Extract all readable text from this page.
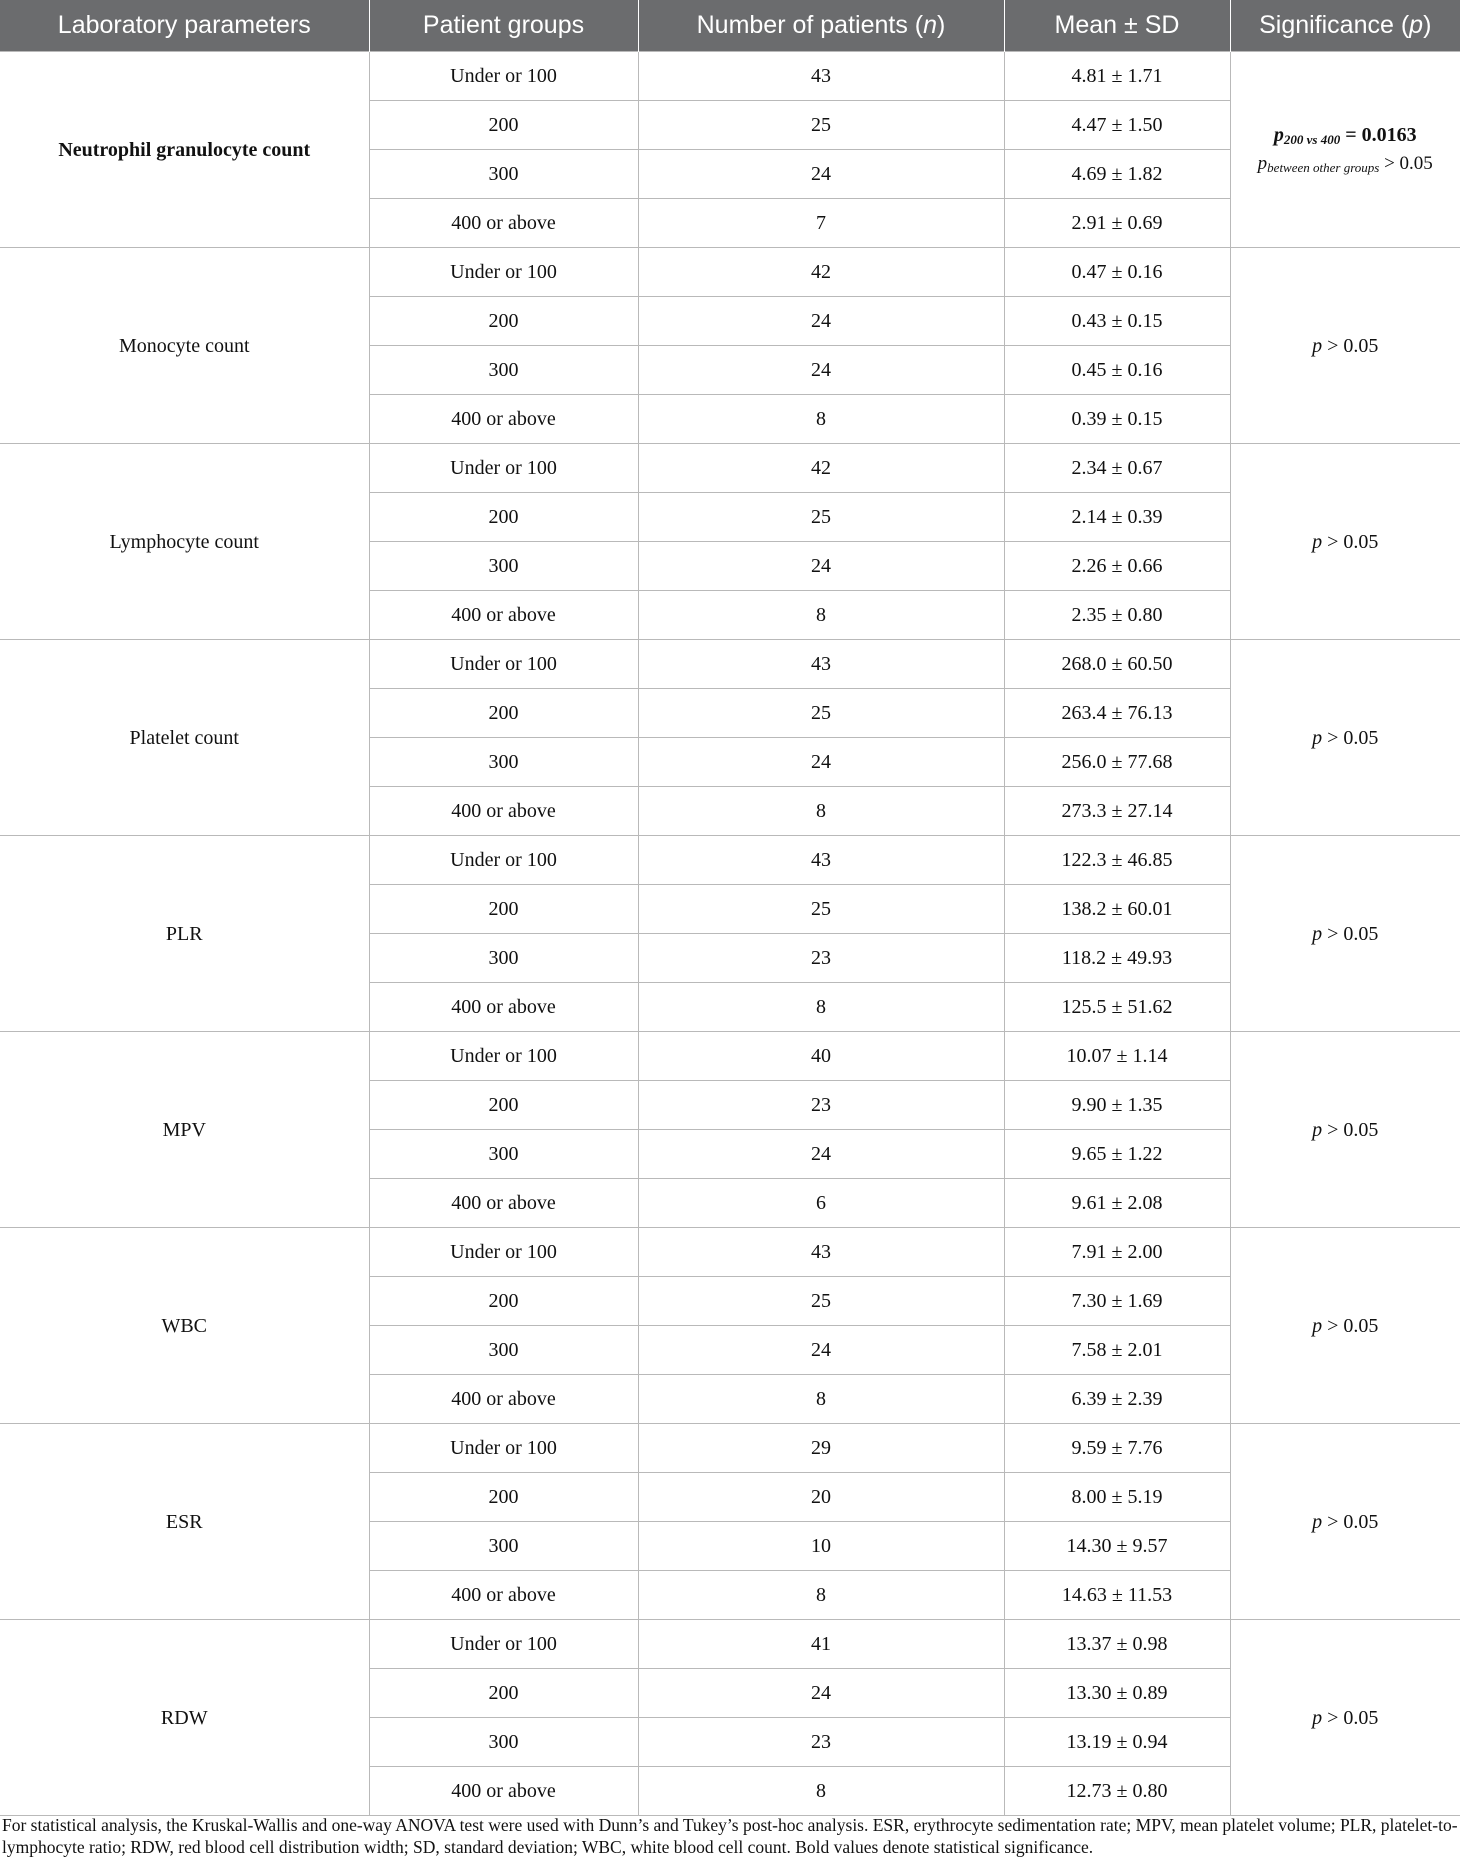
Laboratory parameters	Patient groups	Number of patients (n)	Mean ± SD	Significance (p)
Neutrophil granulocyte count	Under or 100	43	4.81 ± 1.71	$p_{200 vs 400} = 0.0163$
$p_{between other groups} > 0.05$

	200	25	4.47 ± 1.50	
	300	24	4.69 ± 1.82	
	400 or above	7	2.91 ± 0.69	
Monocyte count	Under or 100	42	0.47 ± 0.16	p > 0.05
	200	24	0.43 ± 0.15	
	300	24	0.45 ± 0.16	
	400 or above	8	0.39 ± 0.15	
Lymphocyte count	Under or 100	42	2.34 ± 0.67	p > 0.05
	200	25	2.14 ± 0.39	
	300	24	2.26 ± 0.66	
	400 or above	8	2.35 ± 0.80	
Platelet count	Under or 100	43	268.0 ± 60.50	p > 0.05
	200	25	263.4 ± 76.13	
	300	24	256.0 ± 77.68	
	400 or above	8	273.3 ± 27.14	
PLR	Under or 100	43	122.3 ± 46.85	p > 0.05
	200	25	138.2 ± 60.01	
	300	23	118.2 ± 49.93	
	400 or above	8	125.5 ± 51.62	
MPV	Under or 100	40	10.07 ± 1.14	p > 0.05
	200	23	9.90 ± 1.35	
	300	24	9.65 ± 1.22	
	400 or above	6	9.61 ± 2.08	
WBC	Under or 100	43	7.91 ± 2.00	p > 0.05
	200	25	7.30 ± 1.69	
	300	24	7.58 ± 2.01	
	400 or above	8	6.39 ± 2.39	
ESR	Under or 100	29	9.59 ± 7.76	p > 0.05
	200	20	8.00 ± 5.19	
	300	10	14.30 ± 9.57	
	400 or above	8	14.63 ± 11.53	
RDW	Under or 100	41	13.37 ± 0.98	p > 0.05
	200	24	13.30 ± 0.89	
	300	23	13.19 ± 0.94	
	400 or above	8	12.73 ± 0.80	

For statistical analysis, the Kruskal-Wallis and one-way ANOVA test were used with Dunn’s and Tukey’s post-hoc analysis. ESR, erythrocyte sedimentation rate; MPV, mean platelet volume; PLR, platelet-to-lymphocyte ratio; RDW, red blood cell distribution width; SD, standard deviation; WBC, white blood cell count. Bold values denote statistical significance.
